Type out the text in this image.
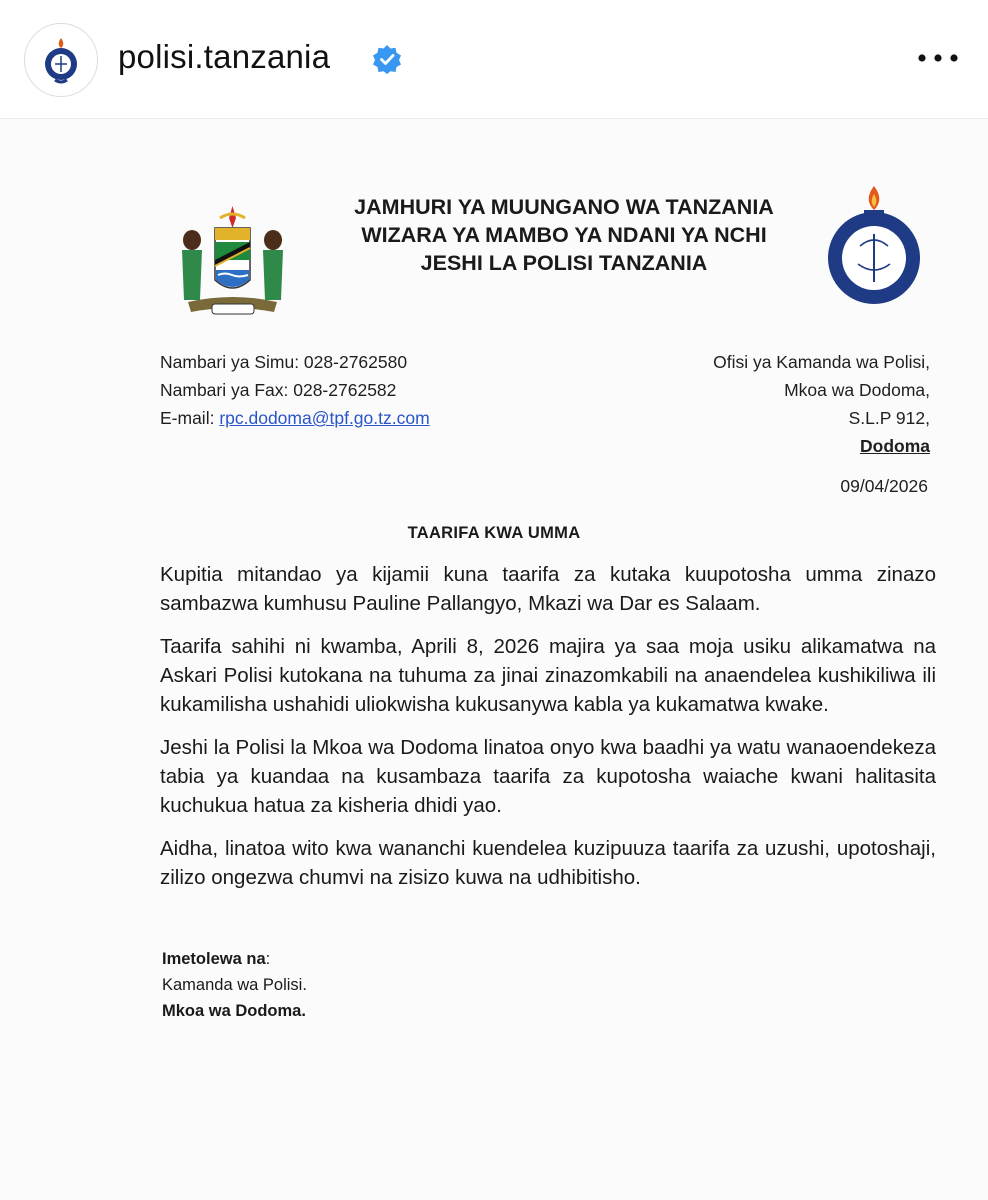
polisi.tanzania
JAMHURI YA MUUNGANO WA TANZANIA
WIZARA YA MAMBO YA NDANI YA NCHI
JESHI LA POLISI TANZANIA
Nambari ya Simu: 028-2762580
Nambari ya Fax: 028-2762582
E-mail: rpc.dodoma@tpf.go.tz.com
Ofisi ya Kamanda wa Polisi,
Mkoa wa Dodoma,
S.L.P 912,
Dodoma
09/04/2026
TAARIFA KWA UMMA

Kupitia mitandao ya kijamii kuna taarifa za kutaka kuupotosha umma zinazo sambazwa kumhusu Pauline Pallangyo, Mkazi wa Dar es Salaam.

Taarifa sahihi ni kwamba, Aprili 8, 2026 majira ya saa moja usiku alikamatwa na Askari Polisi kutokana na tuhuma za jinai zinazomkabili na anaendelea kushikiliwa ili kukamilisha ushahidi uliokwisha kukusanywa kabla ya kukamatwa kwake.

Jeshi la Polisi la Mkoa wa Dodoma linatoa onyo kwa baadhi ya watu wanaoendekeza tabia ya kuandaa na kusambaza taarifa za kupotosha waiache kwani halitasita kuchukua hatua za kisheria dhidi yao.

Aidha, linatoa wito kwa wananchi kuendelea kuzipuuza taarifa za uzushi, upotoshaji, zilizo ongezwa chumvi na zisizo kuwa na udhibitisho.

Imetolewa na:
Kamanda wa Polisi.
Mkoa wa Dodoma.
